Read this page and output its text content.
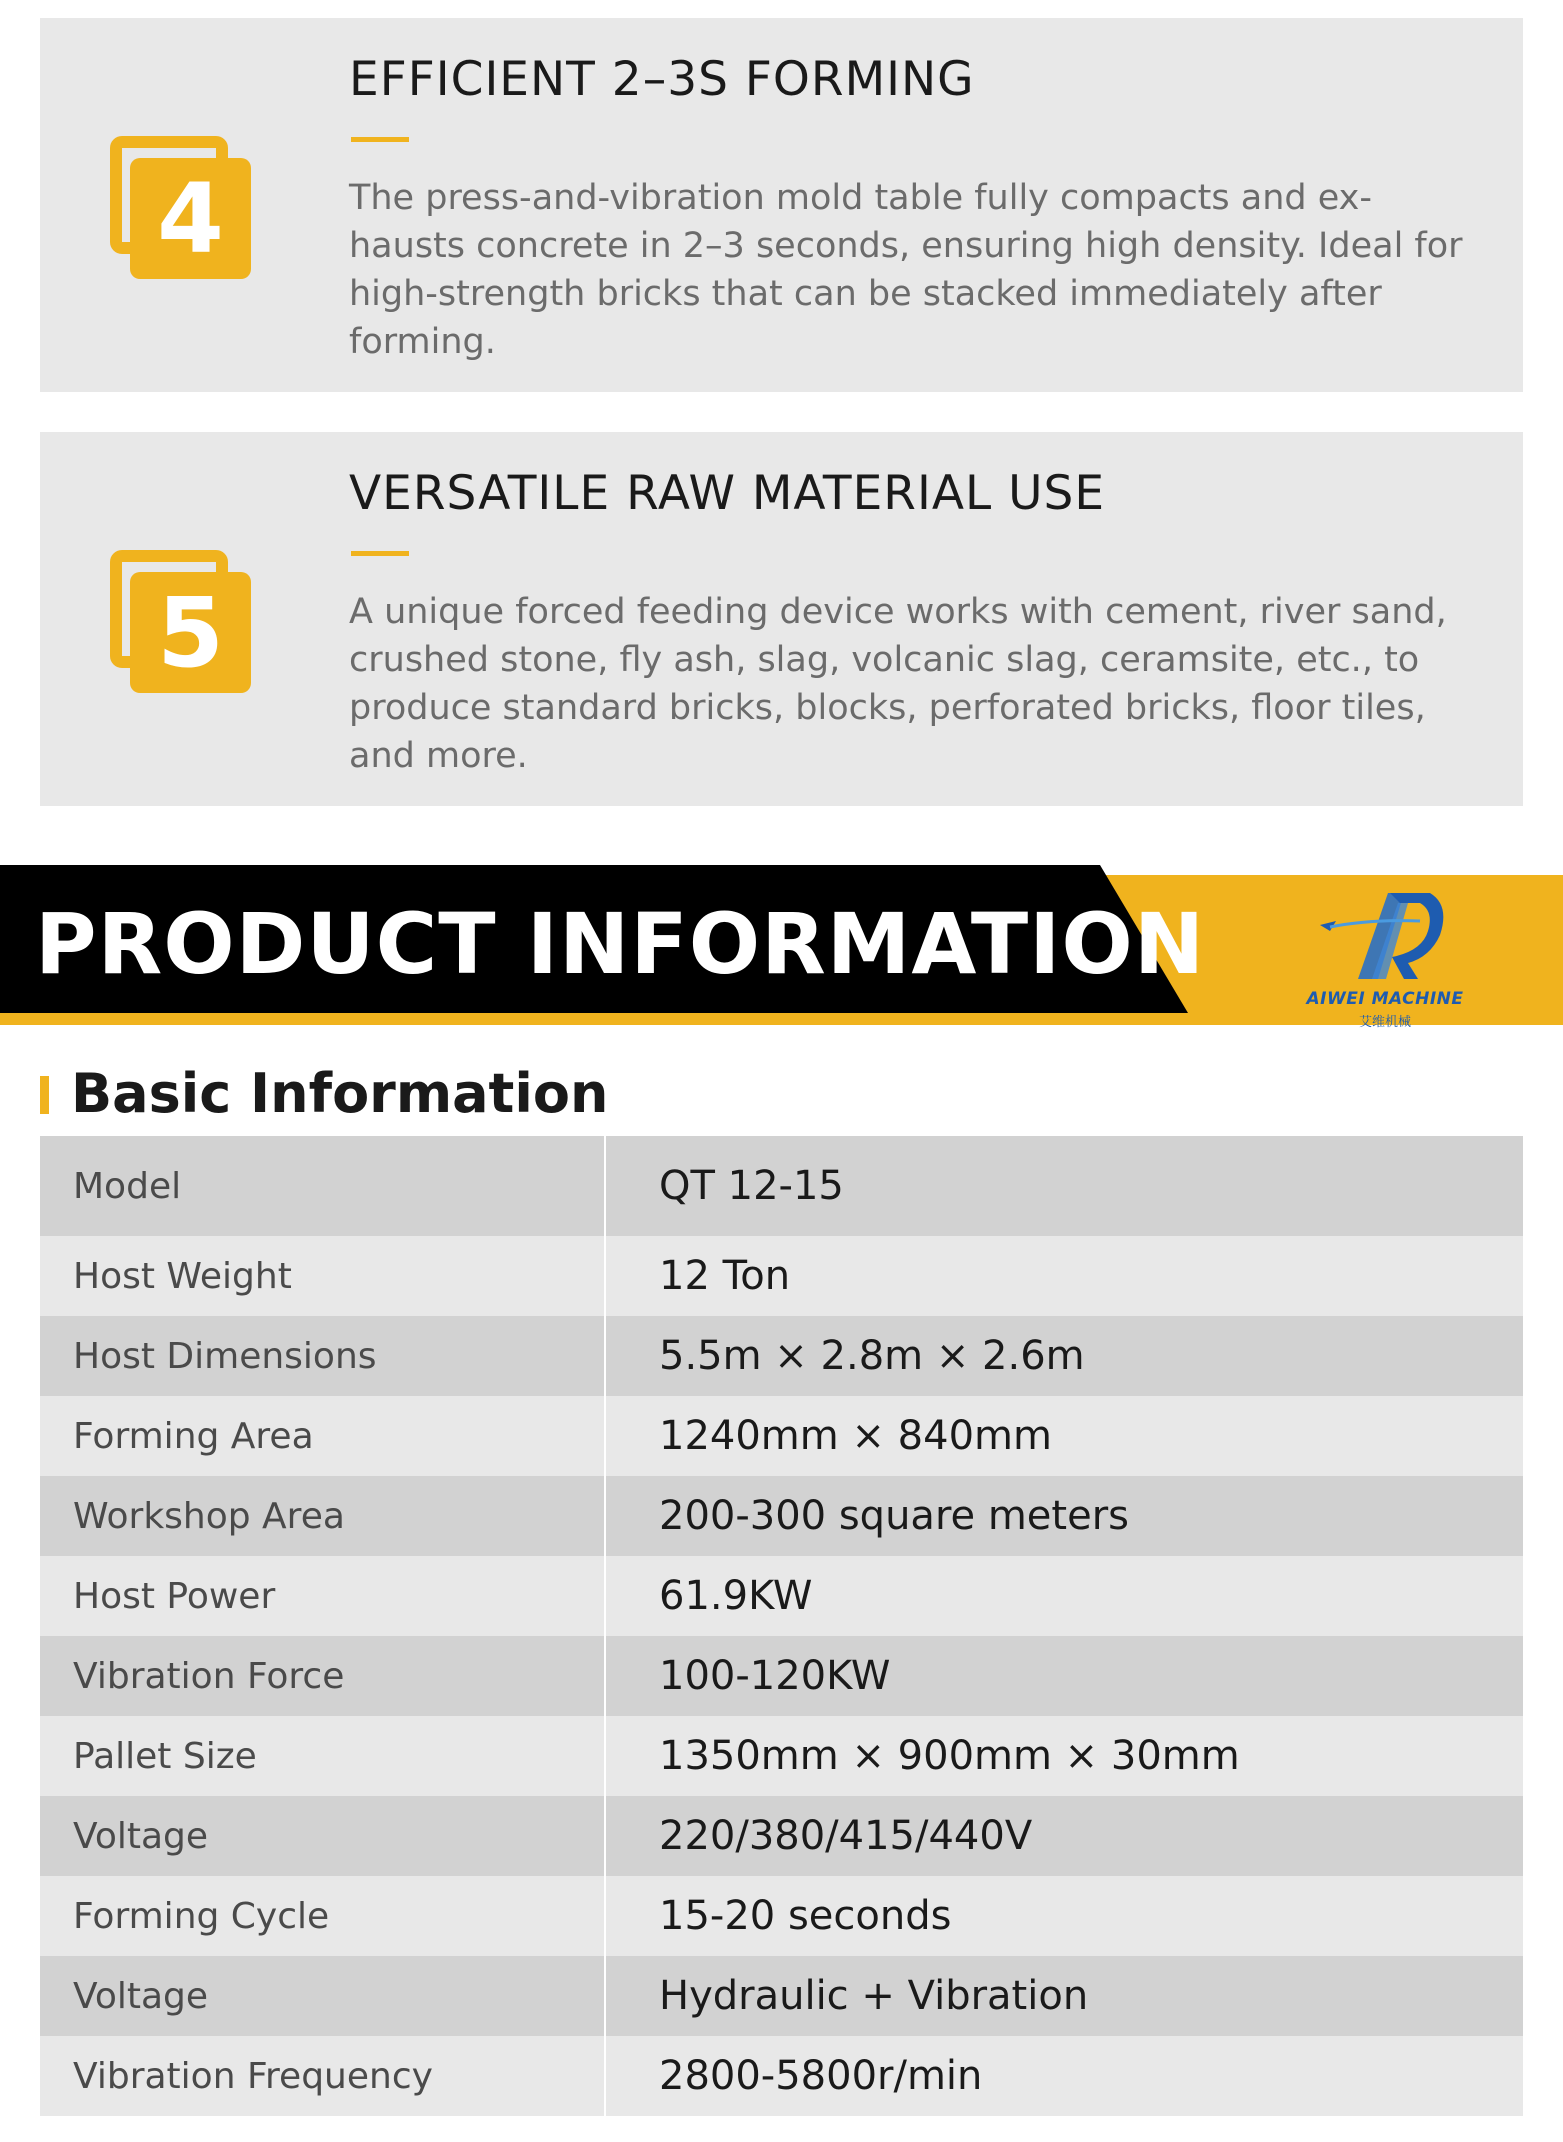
4
EFFICIENT 2–3S FORMING
The press-and-vibration mold table fully compacts and ex-
hausts concrete in 2–3 seconds, ensuring high density. Ideal for
high-strength bricks that can be stacked immediately after
forming.
5
VERSATILE RAW MATERIAL USE
A unique forced feeding device works with cement, river sand,
crushed stone, fly ash, slag, volcanic slag, ceramsite, etc., to
produce standard bricks, blocks, perforated bricks, floor tiles,
and more.
PRODUCT INFORMATION
AIWEI MACHINE
艾维机械
Basic Information
Model	QT 12-15
Host Weight	12 Ton
Host Dimensions	5.5m × 2.8m × 2.6m
Forming Area	1240mm × 840mm
Workshop Area	200-300 square meters
Host Power	61.9KW
Vibration Force	100-120KW
Pallet Size	1350mm × 900mm × 30mm
Voltage	220/380/415/440V
Forming Cycle	15-20 seconds
Voltage	Hydraulic + Vibration
Vibration Frequency	2800-5800r/min
